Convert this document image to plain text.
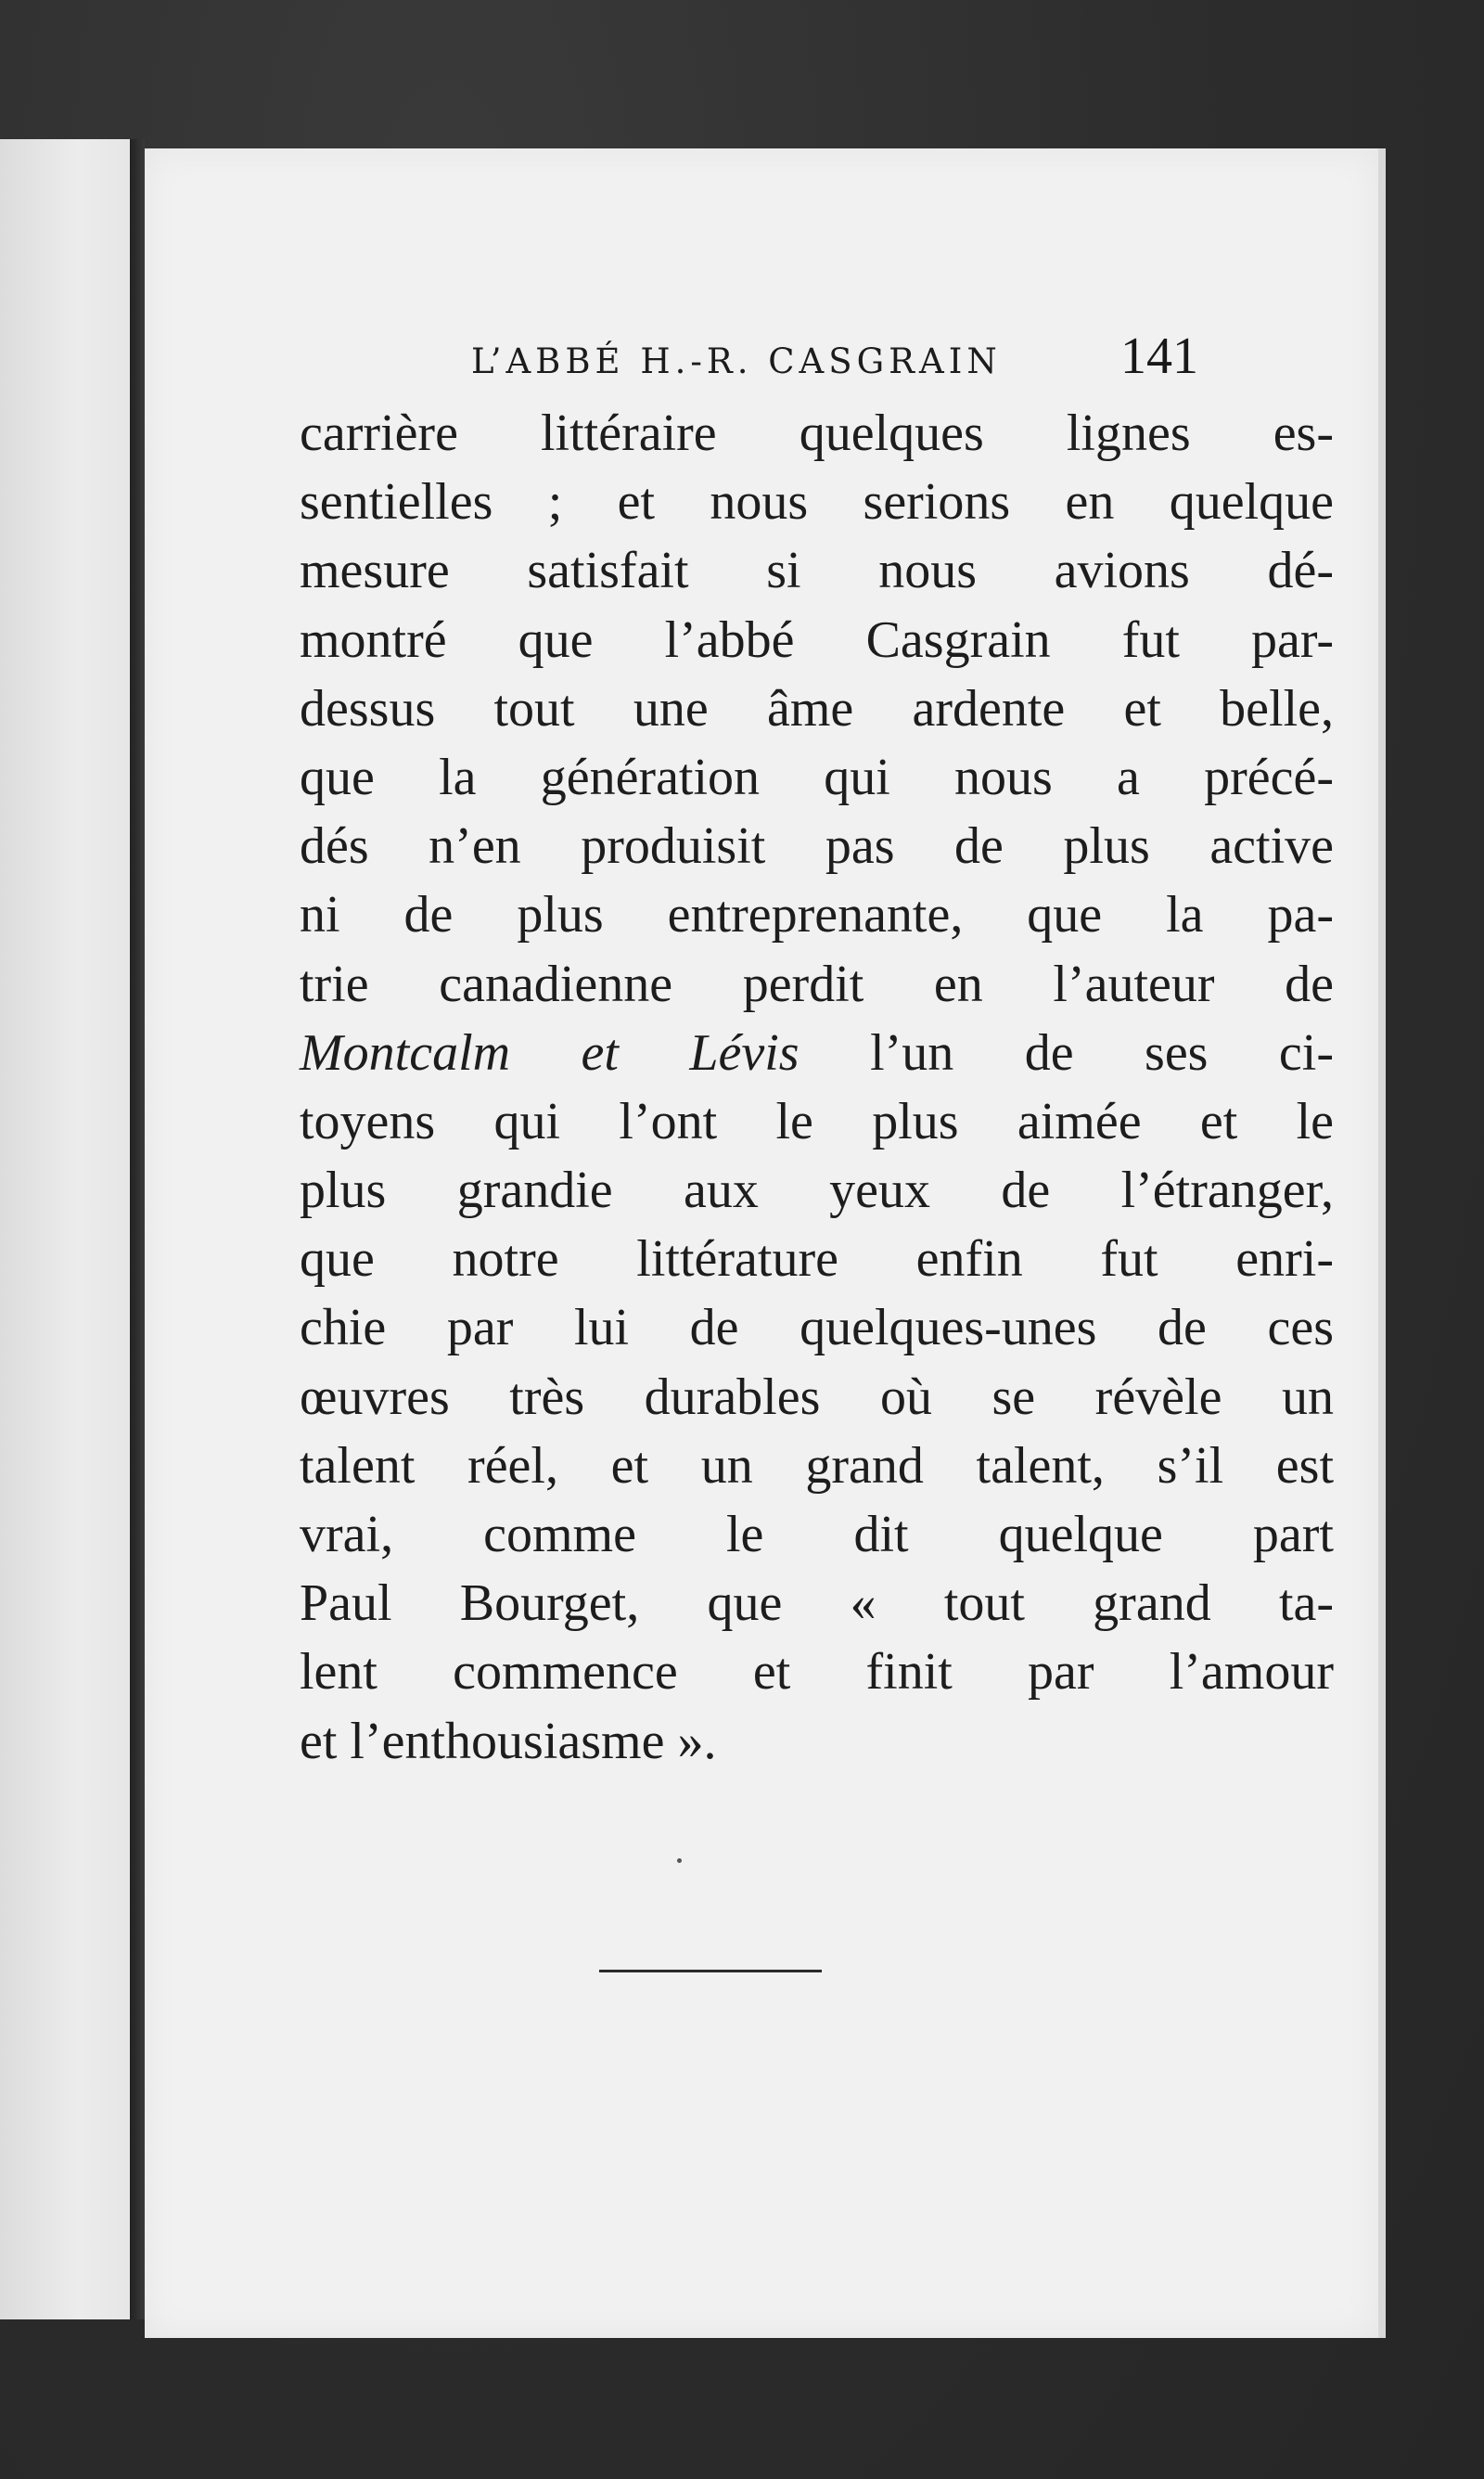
L’ABBÉ H.-R. CASGRAIN 141
carrière littéraire quelques lignes es-
sentielles ; et nous serions en quelque
mesure satisfait si nous avions dé-
montré que l’abbé Casgrain fut par-
dessus tout une âme ardente et belle,
que la génération qui nous a précé-
dés n’en produisit pas de plus active
ni de plus entreprenante, que la pa-
trie canadienne perdit en l’auteur de
Montcalm et Lévis l’un de ses ci-
toyens qui l’ont le plus aimée et le
plus grandie aux yeux de l’étranger,
que notre littérature enfin fut enri-
chie par lui de quelques-unes de ces
œuvres très durables où se révèle un
talent réel, et un grand talent, s’il est
vrai, comme le dit quelque part
Paul Bourget, que « tout grand ta-
lent commence et finit par l’amour
et l’enthousiasme ».
